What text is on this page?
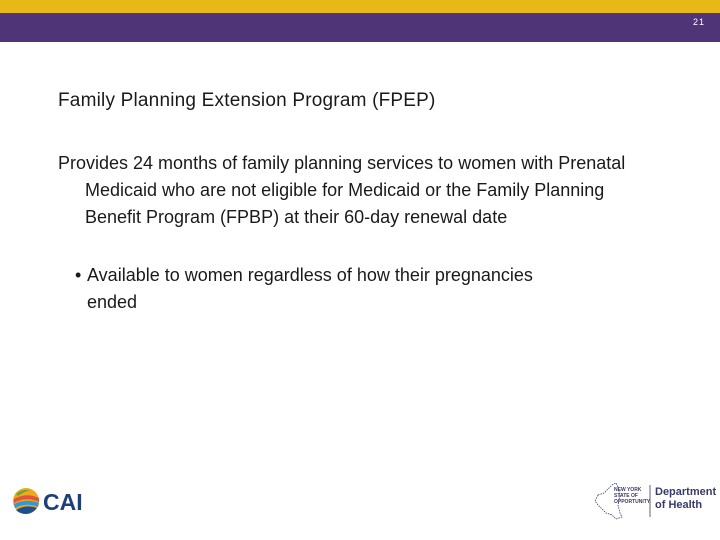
21
Family Planning Extension Program (FPEP)
Provides 24 months of family planning services to women with Prenatal Medicaid who are not eligible for Medicaid or the Family Planning Benefit Program (FPBP) at their 60-day renewal date
• Available to women regardless of how their pregnancies ended
CAI	NEW YORK
STATE OF
OPPORTUNITY.
Department
of Health
